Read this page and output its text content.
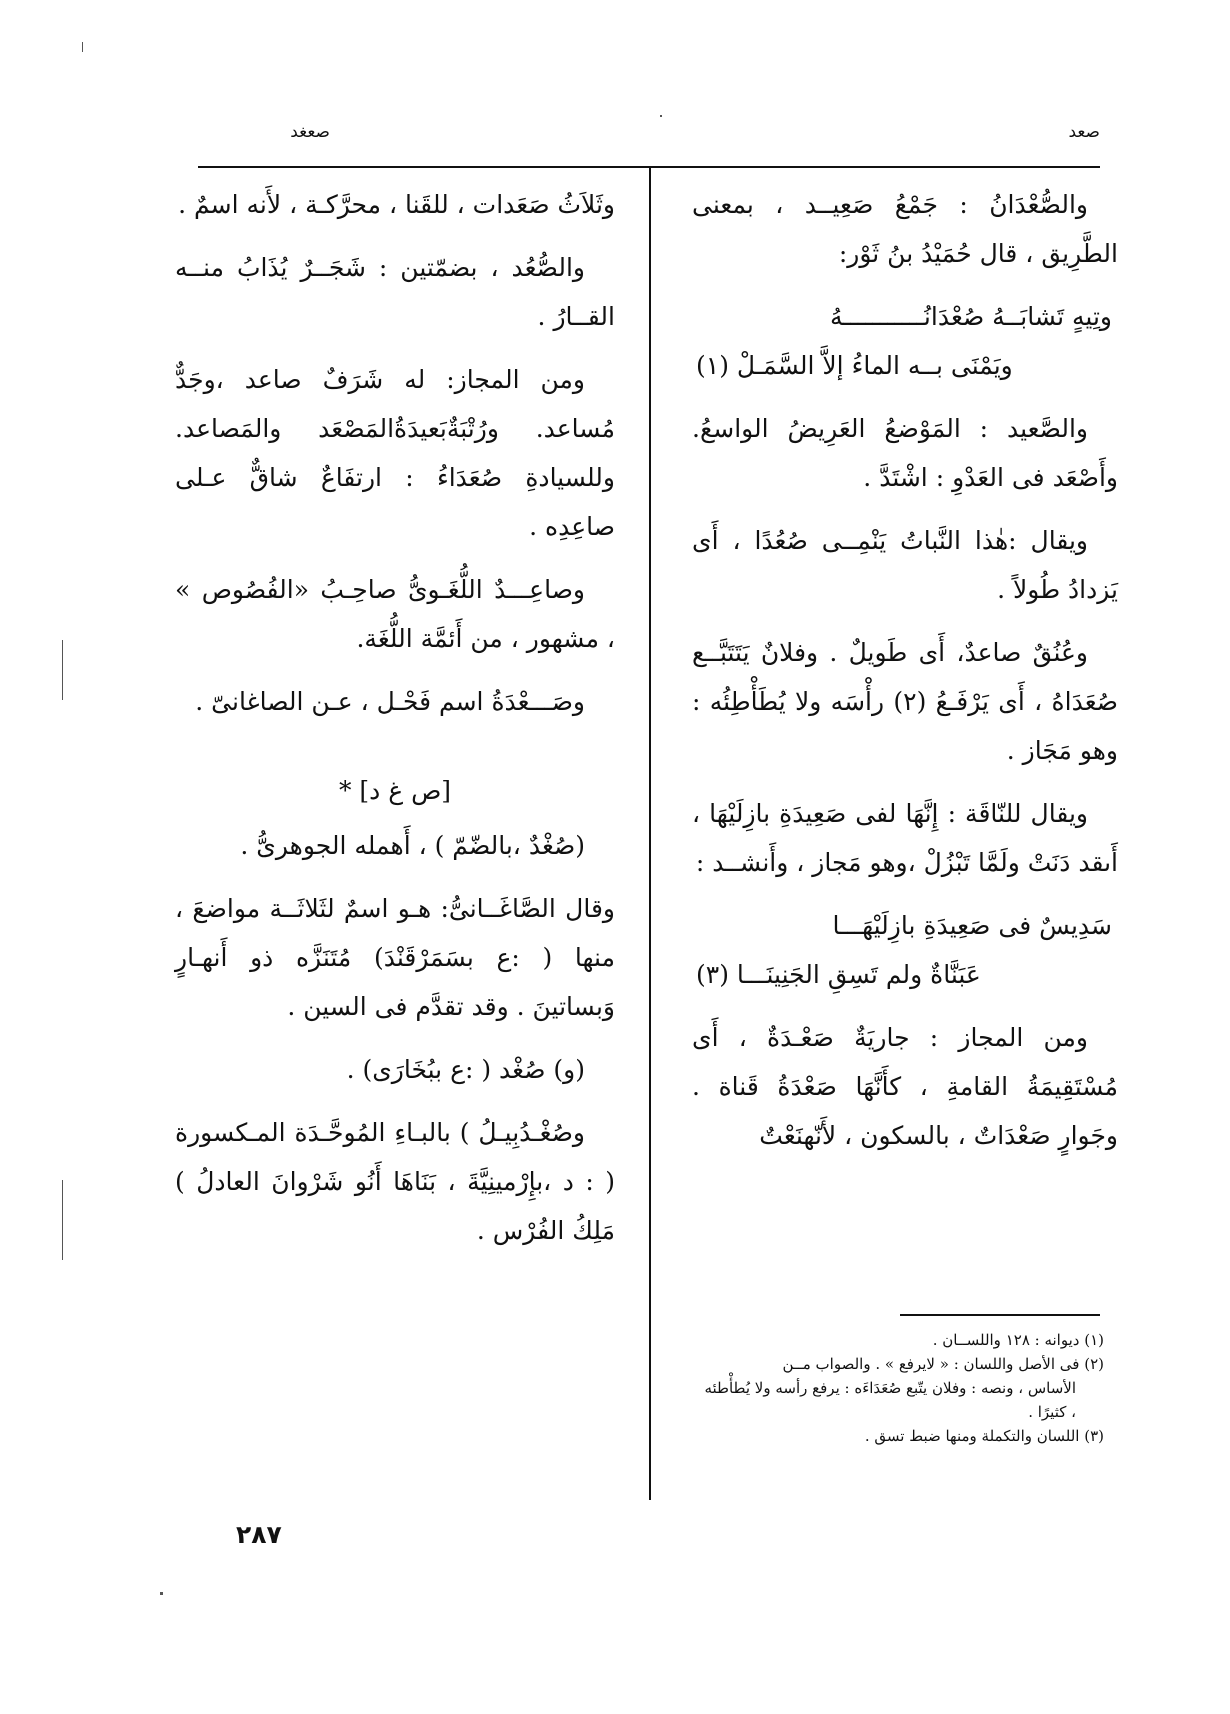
صعد
صعغد

والصُّعْدَانُ : جَمْعُ صَعِيــد ، بمعنى الطَّرِيق ، قال حُمَيْدُ بنُ ثَوْر:

وتِيهٍ تَشابَــهُ صُعْدَانُـــــــــــهُ

ويَمْنَى بــه الماءُ إلاَّ السَّمَـلْ (١)

والصَّعيد : المَوْضعُ العَرِيضُ الواسعُ. وأَصْعَد فى العَدْوِ : اشْتَدَّ .

ويقال :هٰذا النَّباتُ يَنْمِــى صُعُدًا ، أَى يَزدادُ طُولاً .

وعُنُقٌ صاعدٌ، أَى طَويلٌ . وفلانٌ يَتَتَبَّــع صُعَدَاهُ ، أَى يَرْفَـعُ (٢) رأْسَه ولا يُطَأْطِئُه : وهو مَجَاز .

ويقال للنّاقَة : إِنَّهَا لفى صَعِيدَةِ بازِلَيْهَا ، أَىقد دَنَتْ ولَمَّا تَبْزُلْ ،وهو مَجاز ، وأَنشــد :

سَدِيسٌ فى صَعِيدَةِ بازِلَيْهَـــا

عَبَنَّاةٌ ولم تَسِقِ الجَنِينَـــا (٣)

ومن المجاز : جاريَةٌ صَعْـدَةٌ ، أَى مُسْتَقِيمَةُ القامةِ ، كأَنَّهَا صَعْدَةُ قَناة . وجَوارٍ صَعْدَاتٌ ، بالسكون ، لأَنّهنَعْتٌ

وثَلاَثُ صَعَدات ، للقَنا ، محرَّكـة ، لأَنه اسمٌ .

والصُّعُد ، بضمّتين : شَجَــرٌ يُذَابُ منــه القــارُ .

ومن المجاز: له شَرَفٌ صاعد ،وجَدٌّ مُساعد. ورُتْبَةٌبَعيدَةُالمَصْعَد والمَصاعد. وللسيادةِ صُعَدَاءُ : ارتفَاعٌ شاقٌّ عـلى صاعِدِه .

وصاعِـــدٌ اللُّغَـوىُّ صاحِـبُ «الفُصُوص » ، مشهور ، من أَئمَّة اللُّغَة.

وصَـــعْدَةُ اسم فَحْـل ، عـن الصاغانىّ .

[ص غ د] *

(صُغْدٌ ،بالضّمّ ) ، أَهمله الجوهرىُّ .

وقال الصَّاغَــانىُّ: هـو اسمٌ لثَلاثَــة مواضعَ ، منها ( :ع بسَمَرْقَنْدَ) مُتَنَزَّه ذو أَنهـارٍ وَبساتينَ . وقد تقدَّم فى السين .

(و) صُغْد ( :ع ببُخَارَى) .

وصُغْـدُبِيـلُ ) بالبـاءِ المُوحَّـدَة المـكسورة ( : د ،بإِرْمينِيَّةَ ، بَنَاهَا أَنُو شَرْوانَ العادلُ ) مَلِكُ الفُرْس .

(١) ديوانه : ١٢٨ واللســان .
(٢) فى الأصل واللسان : « لايرفع » . والصواب مــن
الأساس ، ونصه : وفلان يتّبع صُعَدَاءَه : يرفع رأسه ولا يُطأْطئه ، كثيرًا .
(٣) اللسان والتكملة ومنها ضبط تسق .
٢٨٧
